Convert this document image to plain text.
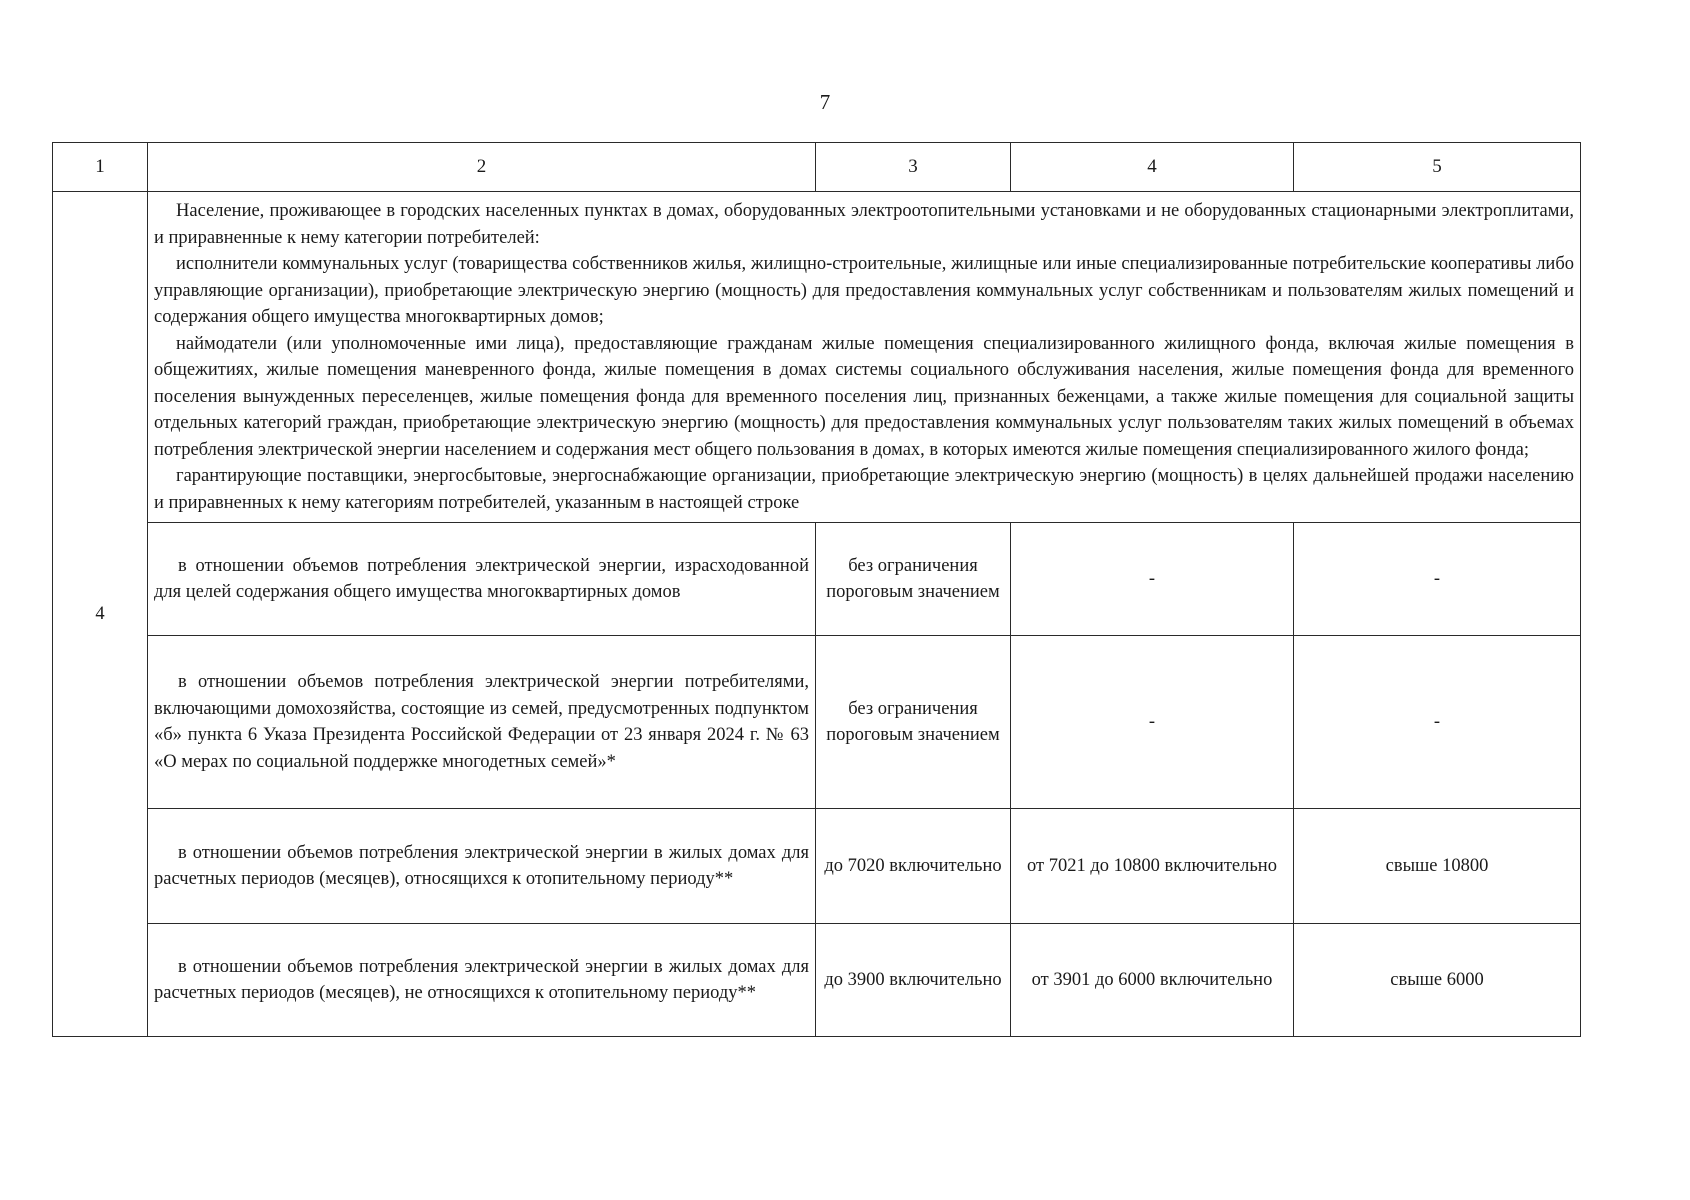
7
1	2	3	4	5
4	Население, проживающее в городских населенных пунктах в домах, оборудованных электроотопительными установками и не оборудованных стационарными электроплитами, и приравненные к нему категории потребителей:

исполнители коммунальных услуг (товарищества собственников жилья, жилищно-строительные, жилищные или иные специализированные потребительские кооперативы либо управляющие организации), приобретающие электрическую энергию (мощность) для предоставления коммунальных услуг собственникам и пользователям жилых помещений и содержания общего имущества многоквартирных домов;

наймодатели (или уполномоченные ими лица), предоставляющие гражданам жилые помещения специализированного жилищного фонда, включая жилые помещения в общежитиях, жилые помещения маневренного фонда, жилые помещения в домах системы социального обслуживания населения, жилые помещения фонда для временного поселения вынужденных переселенцев, жилые помещения фонда для временного поселения лиц, признанных беженцами, а также жилые помещения для социальной защиты отдельных категорий граждан, приобретающие электрическую энергию (мощность) для предоставления коммунальных услуг пользователям таких жилых помещений в объемах потребления электрической энергии населением и содержания мест общего пользования в домах, в которых имеются жилые помещения специализированного жилого фонда;

гарантирующие поставщики, энергосбытовые, энергоснабжающие организации, приобретающие электрическую энергию (мощность) в целях дальнейшей продажи населению и приравненных к нему категориям потребителей, указанным в настоящей строке			

	в отношении объемов потребления электрической энергии, израсходованной для целей содержания общего имущества многоквартирных домов	без ограничения пороговым значением	-	-

	в отношении объемов потребления электрической энергии потребителями, включающими домохозяйства, состоящие из семей, предусмотренных подпунктом «б» пункта 6 Указа Президента Российской Федерации от 23 января 2024 г. № 63 «О мерах по социальной поддержке многодетных семей»*	без ограничения пороговым значением	-	-

	в отношении объемов потребления электрической энергии в жилых домах для расчетных периодов (месяцев), относящихся к отопительному периоду**	до 7020 включительно	от 7021 до 10800 включительно	свыше 10800

	в отношении объемов потребления электрической энергии в жилых домах для расчетных периодов (месяцев), не относящихся к отопительному периоду**	до 3900 включительно	от 3901 до 6000 включительно	свыше 6000
